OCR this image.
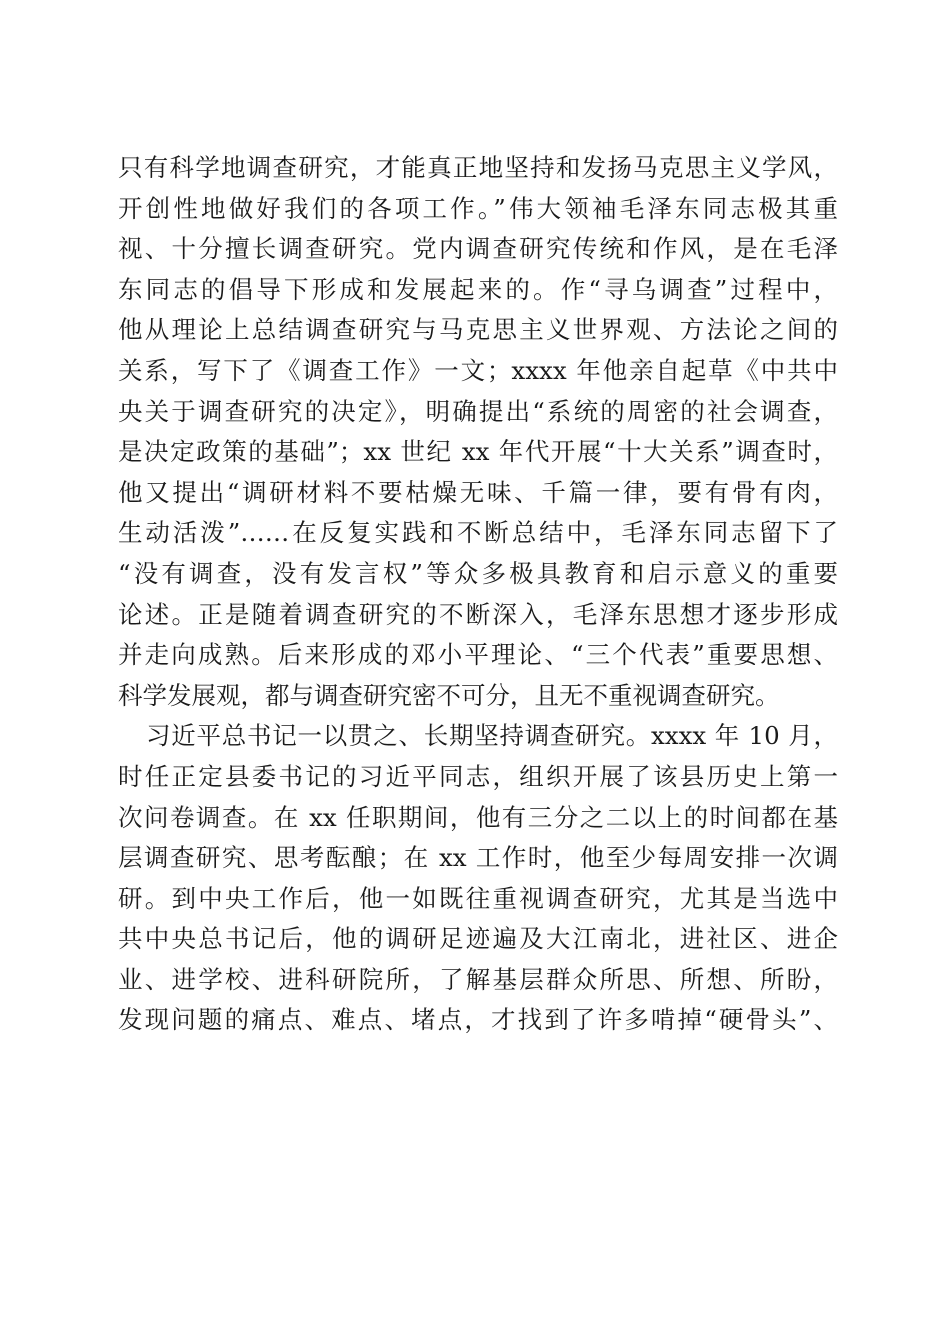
只有科学地调查研究，才能真正地坚持和发扬马克思主义学风，
开创性地做好我们的各项工作。”伟大领袖毛泽东同志极其重
视、十分擅长调查研究。党内调查研究传统和作风，是在毛泽
东同志的倡导下形成和发展起来的。作“寻乌调查”过程中，
他从理论上总结调查研究与马克思主义世界观、方法论之间的
关系，写下了《调查工作》一文；xxxx 年他亲自起草《中共中
央关于调查研究的决定》，明确提出“系统的周密的社会调查，
是决定政策的基础”；xx 世纪 xx 年代开展“十大关系”调查时，
他又提出“调研材料不要枯燥无味、千篇一律，要有骨有肉，
生动活泼”……在反复实践和不断总结中，毛泽东同志留下了
“没有调查，没有发言权”等众多极具教育和启示意义的重要
论述。正是随着调查研究的不断深入，毛泽东思想才逐步形成
并走向成熟。后来形成的邓小平理论、“三个代表”重要思想、
科学发展观，都与调查研究密不可分，且无不重视调查研究。
习近平总书记一以贯之、长期坚持调查研究。xxxx 年 10 月，
时任正定县委书记的习近平同志，组织开展了该县历史上第一
次问卷调查。在 xx 任职期间，他有三分之二以上的时间都在基
层调查研究、思考酝酿；在 xx 工作时，他至少每周安排一次调
研。到中央工作后，他一如既往重视调查研究，尤其是当选中
共中央总书记后，他的调研足迹遍及大江南北，进社区、进企
业、进学校、进科研院所，了解基层群众所思、所想、所盼，
发现问题的痛点、难点、堵点，才找到了许多啃掉“硬骨头”、
